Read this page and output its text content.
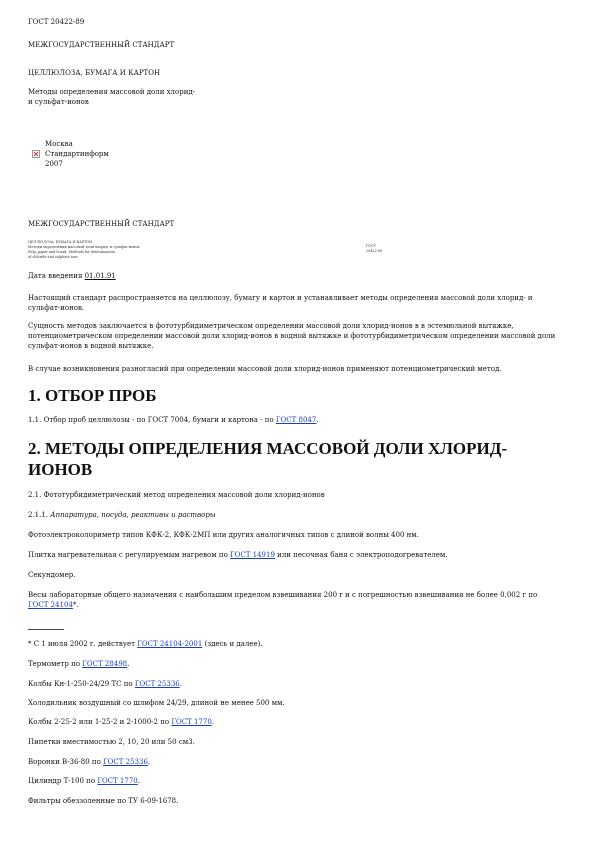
ГОСТ 20422-89
МЕЖГОСУДАРСТВЕННЫЙ СТАНДАРТ
ЦЕЛЛЮЛОЗА, БУМАГА И КАРТОН
Методы определения массовой доли хлорид-
и сульфат-ионов
Москва
Стандартинформ
2007
МЕЖГОСУДАРСТВЕННЫЙ СТАНДАРТ
ЦЕЛЛЮЛОЗА, БУМАГА И КАРТОН
Методы определения массовой доли хлорид- и сульфат-ионов
Pulp, paper and board. Methods for determination
of chloride and sulphate ions
ГОСТ
20422-89
Дата введения 01.01.91
Настоящий стандарт распространяется на целлюлозу, бумагу и картон и устанавливает методы определения массовой доли хлорид- и сульфат-ионов.
Сущность методов заключается в фототурбидиметрическом определении массовой доли хлорид-ионов в в эстемюльной вытяжке, потенциометрическом определении массовой доли хлорид-ионов в водной вытяжке и фототурбидиметрическом определении массовой доли сульфат-ионов в водной вытяжке.
В случае возникновения разногласий при определении массовой доли хлорид-ионов применяют потенциометрический метод.
1. ОТБОР ПРОБ
1.1. Отбор проб целлюлозы - по ГОСТ 7004, бумаги и картона - по ГОСТ 8047.
2. МЕТОДЫ ОПРЕДЕЛЕНИЯ МАССОВОЙ ДОЛИ ХЛОРИД-ИОНОВ
2.1. Фототурбидиметрический метод определения массовой доли хлорид-ионов
2.1.1. Аппаратура, посуда, реактивы и растворы
Фотоэлектроколориметр типов КФК-2, КФК-2МП или других аналогичных типов с длиной волны 400 нм.
Плитка нагревательная с регулируемым нагревом по ГОСТ 14919 или песочная баня с электроподогревателем.
Секундомер.
Весы лабораторные общего назначения с наибольшим пределом взвешивания 200 г и с погрешностью взвешивания не более 0,002 г по ГОСТ 24104*.
* С 1 июля 2002 г. действует ГОСТ 24104-2001 (здесь и далее).
Термометр по ГОСТ 28498.
Колбы Кн-1-250-24/29 ТС по ГОСТ 25336.
Холодильник воздушный со шлифом 24/29, длиной не менее 500 мм.
Колбы 2-25-2 или 1-25-2 и 2-1000-2 по ГОСТ 1770.
Пипетки вместимостью 2, 10, 20 или 50 см3.
Воронки В-36-80 по ГОСТ 25336.
Цилиндр Т-100 по ГОСТ 1770.
Фильтры обеззоленные по ТУ 6-09-1678.
